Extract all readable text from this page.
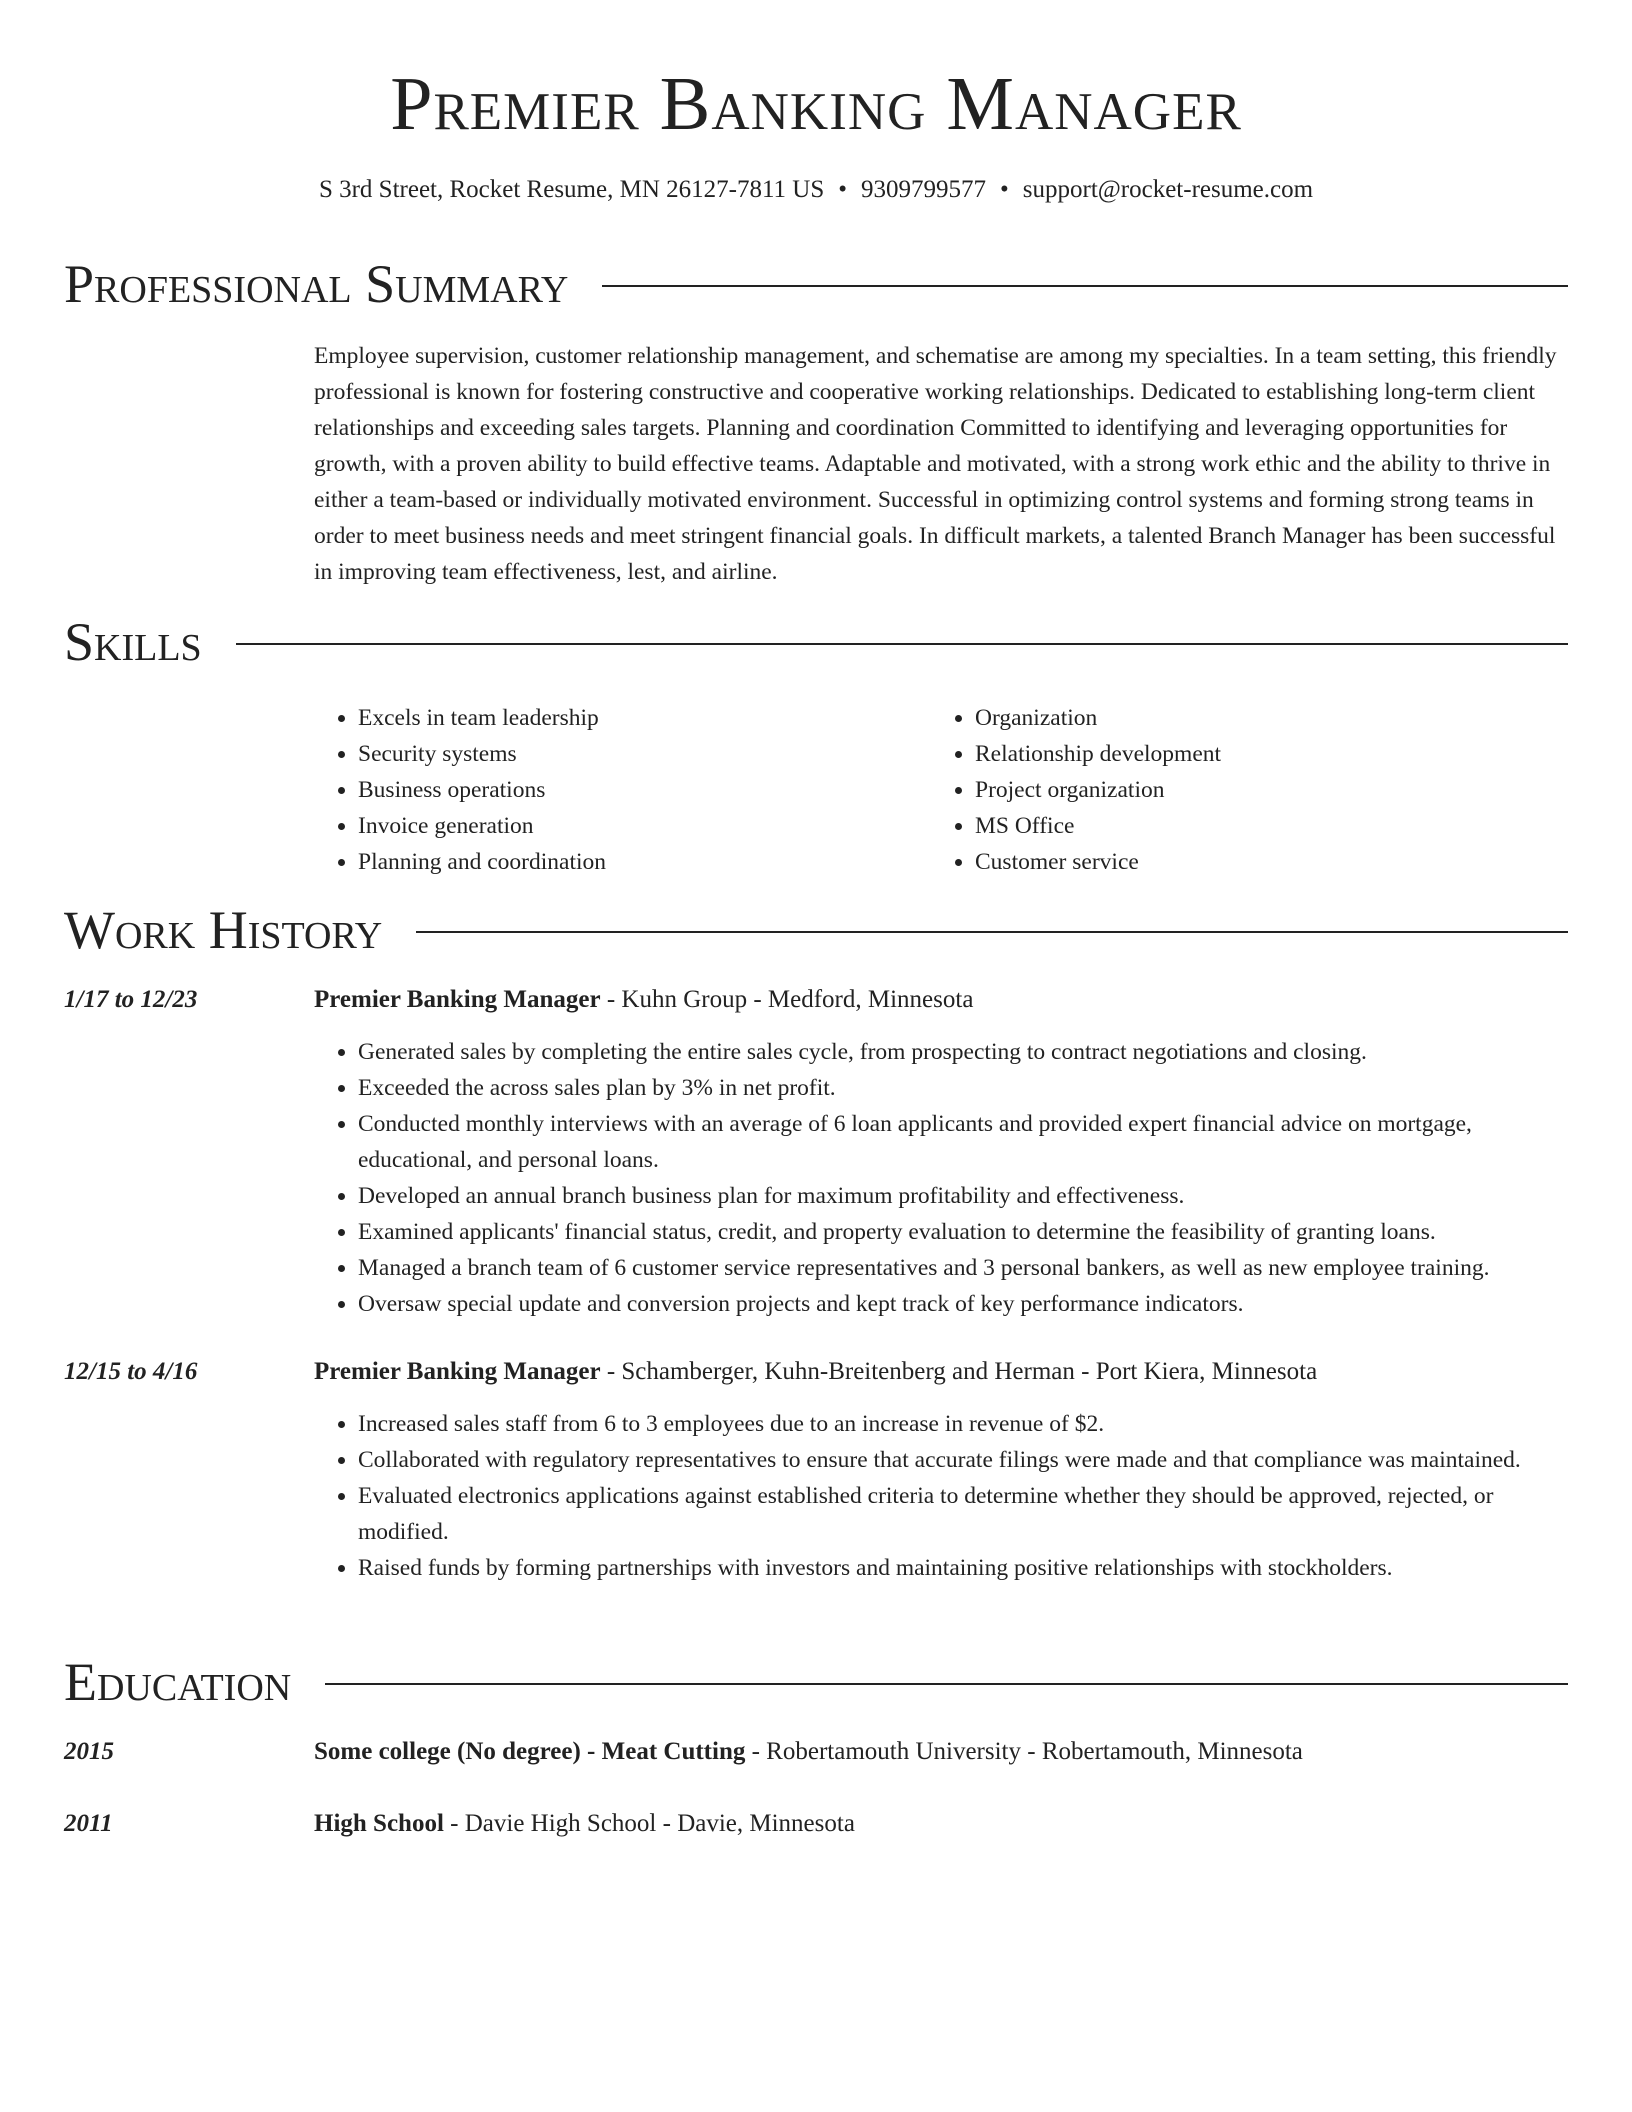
Premier Banking Manager
S 3rd Street, Rocket Resume, MN 26127-7811 US • 9309799577 • support@rocket-resume.com
Professional Summary

Employee supervision, customer relationship management, and schematise are among my specialties. In a team setting, this friendly professional is known for fostering constructive and cooperative working relationships. Dedicated to establishing long-term client relationships and exceeding sales targets. Planning and coordination Committed to identifying and leveraging opportunities for growth, with a proven ability to build effective teams. Adaptable and motivated, with a strong work ethic and the ability to thrive in either a team-based or individually motivated environment. Successful in optimizing control systems and forming strong teams in order to meet business needs and meet stringent financial goals. In difficult markets, a talented Branch Manager has been successful in improving team effectiveness, lest, and airline.

Skills
• Excels in team leadership
• Security systems
• Business operations
• Invoice generation
• Planning and coordination
• Organization
• Relationship development
• Project organization
• MS Office
• Customer service
Work History
1/17 to 12/23	Premier Banking Manager - Kuhn Group - Medford, Minnesota
• Generated sales by completing the entire sales cycle, from prospecting to contract negotiations and closing.
• Exceeded the across sales plan by 3% in net profit.
• Conducted monthly interviews with an average of 6 loan applicants and provided expert financial advice on mortgage, educational, and personal loans.
• Developed an annual branch business plan for maximum profitability and effectiveness.
• Examined applicants' financial status, credit, and property evaluation to determine the feasibility of granting loans.
• Managed a branch team of 6 customer service representatives and 3 personal bankers, as well as new employee training.
• Oversaw special update and conversion projects and kept track of key performance indicators.
12/15 to 4/16	Premier Banking Manager - Schamberger, Kuhn-Breitenberg and Herman - Port Kiera, Minnesota
• Increased sales staff from 6 to 3 employees due to an increase in revenue of $2.
• Collaborated with regulatory representatives to ensure that accurate filings were made and that compliance was maintained.
• Evaluated electronics applications against established criteria to determine whether they should be approved, rejected, or modified.
• Raised funds by forming partnerships with investors and maintaining positive relationships with stockholders.
Education
2015	Some college (No degree) - Meat Cutting - Robertamouth University - Robertamouth, Minnesota
2011	High School - Davie High School - Davie, Minnesota
